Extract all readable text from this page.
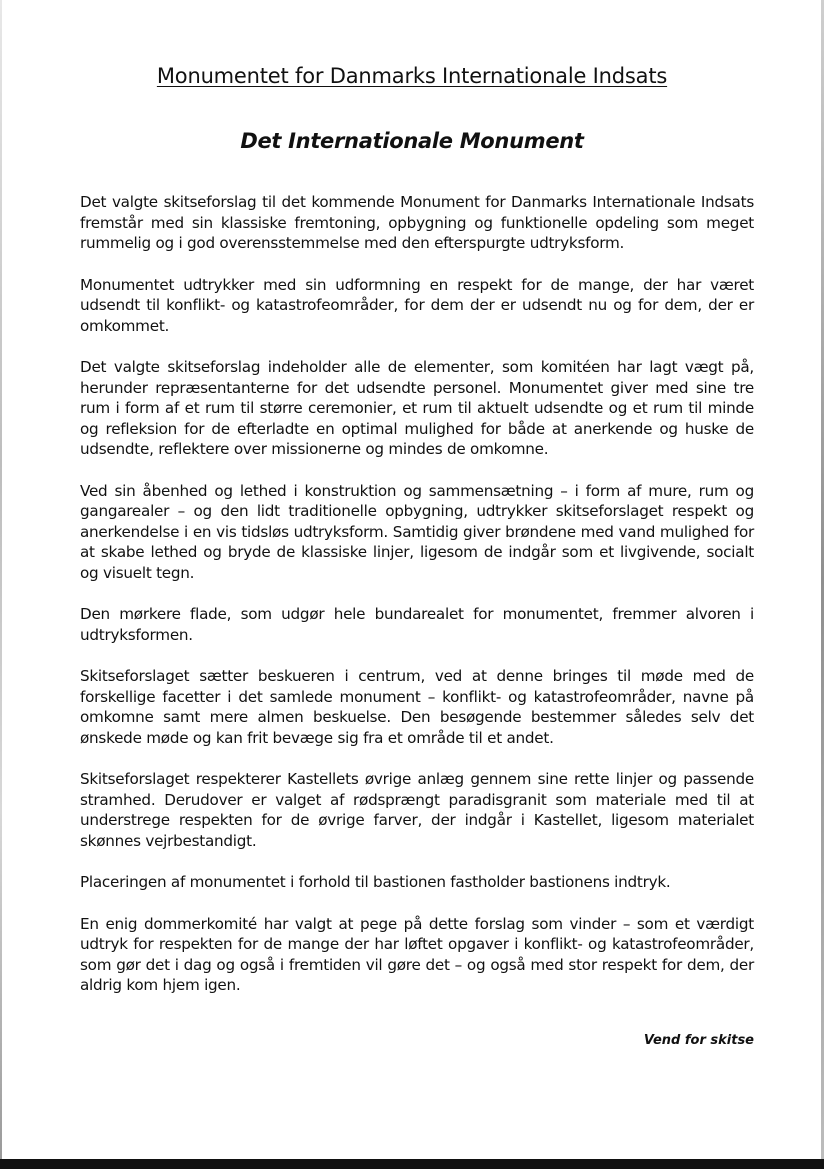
Monumentet for Danmarks Internationale Indsats
Det Internationale Monument

Det valgte skitseforslag til det kommende Monument for Danmarks Internationale Indsats fremstår med sin klassiske fremtoning, opbygning og funktionelle opdeling som meget rummelig og i god overensstemmelse med den efterspurgte udtryksform.

Monumentet udtrykker med sin udformning en respekt for de mange, der har været udsendt til konflikt- og katastrofeområder, for dem der er udsendt nu og for dem, der er omkommet.

Det valgte skitseforslag indeholder alle de elementer, som komitéen har lagt vægt på, herunder repræsentanterne for det udsendte personel. Monumentet giver med sine tre rum i form af et rum til større ceremonier, et rum til aktuelt udsendte og et rum til minde og refleksion for de efterladte en optimal mulighed for både at anerkende og huske de udsendte, reflektere over missionerne og mindes de omkomne.

Ved sin åbenhed og lethed i konstruktion og sammensætning – i form af mure, rum og gangarealer – og den lidt traditionelle opbygning, udtrykker skitseforslaget respekt og anerkendelse i en vis tidsløs udtryksform. Samtidig giver brøndene med vand mulighed for at skabe lethed og bryde de klassiske linjer, ligesom de indgår som et livgivende, socialt og visuelt tegn.

Den mørkere flade, som udgør hele bundarealet for monumentet, fremmer alvoren i udtryksformen.

Skitseforslaget sætter beskueren i centrum, ved at denne bringes til møde med de forskellige facetter i det samlede monument – konflikt- og katastrofeområder, navne på omkomne samt mere almen beskuelse. Den besøgende bestemmer således selv det ønskede møde og kan frit bevæge sig fra et område til et andet.

Skitseforslaget respekterer Kastellets øvrige anlæg gennem sine rette linjer og passende stramhed. Derudover er valget af rødsprængt paradisgranit som materiale med til at understrege respekten for de øvrige farver, der indgår i Kastellet, ligesom materialet skønnes vejrbestandigt.

Placeringen af monumentet i forhold til bastionen fastholder bastionens indtryk.

En enig dommerkomité har valgt at pege på dette forslag som vinder – som et værdigt udtryk for respekten for de mange der har løftet opgaver i konflikt- og katastrofeområder, som gør det i dag og også i fremtiden vil gøre det – og også med stor respekt for dem, der aldrig kom hjem igen.

Vend for skitse
